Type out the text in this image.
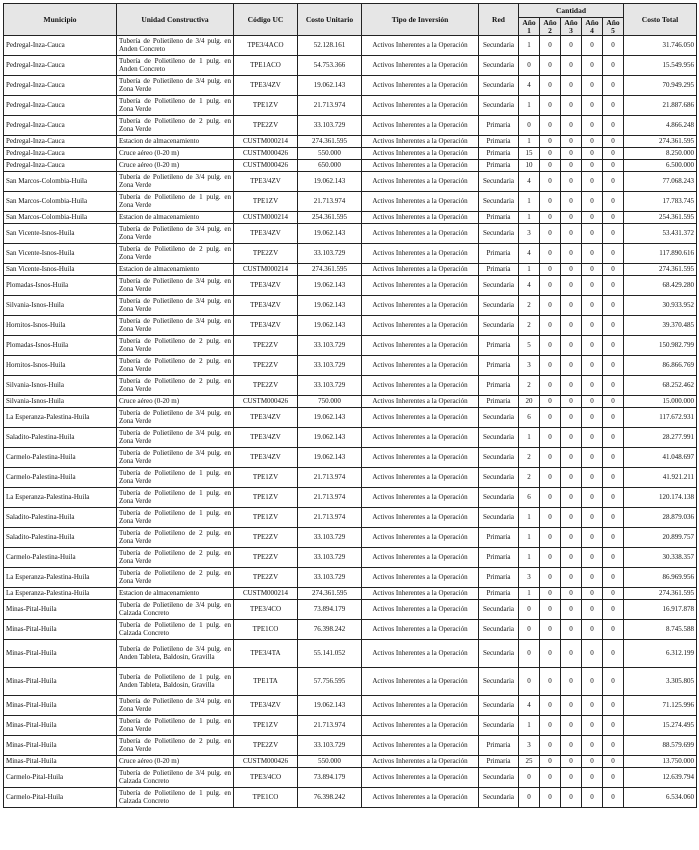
Municipio	Unidad Constructiva	Código UC	Costo Unitario	Tipo de Inversión	Red	Cantidad					Costo Total
						Año 1	Año 2	Año 3	Año 4	Año 5	
Pedregal-Inza-Cauca	Tubería de Polietileno de 3/4 pulg. en Anden Concreto	TPE3/4ACO	52.128.161	Activos Inherentes a la Operación	Secundaria	1	0	0	0	0	31.746.050
Pedregal-Inza-Cauca	Tubería de Polietileno de 1 pulg. en Anden Concreto	TPE1ACO	54.753.366	Activos Inherentes a la Operación	Secundaria	0	0	0	0	0	15.549.956
Pedregal-Inza-Cauca	Tubería de Polietileno de 3/4 pulg. en Zona Verde	TPE3/4ZV	19.062.143	Activos Inherentes a la Operación	Secundaria	4	0	0	0	0	70.949.295
Pedregal-Inza-Cauca	Tubería de Polietileno de 1 pulg. en Zona Verde	TPE1ZV	21.713.974	Activos Inherentes a la Operación	Secundaria	1	0	0	0	0	21.887.686
Pedregal-Inza-Cauca	Tubería de Polietileno de 2 pulg. en Zona Verde	TPE2ZV	33.103.729	Activos Inherentes a la Operación	Primaria	0	0	0	0	0	4.866.248
Pedregal-Inza-Cauca	Estacion de almacenamiento	CUSTM000214	274.361.595	Activos Inherentes a la Operación	Primaria	1	0	0	0	0	274.361.595
Pedregal-Inza-Cauca	Cruce aéreo (0-20 m)	CUSTM000426	550.000	Activos Inherentes a la Operación	Primaria	15	0	0	0	0	8.250.000
Pedregal-Inza-Cauca	Cruce aéreo (0-20 m)	CUSTM000426	650.000	Activos Inherentes a la Operación	Primaria	10	0	0	0	0	6.500.000
San Marcos-Colombia-Huila	Tubería de Polietileno de 3/4 pulg. en Zona Verde	TPE3/4ZV	19.062.143	Activos Inherentes a la Operación	Secundaria	4	0	0	0	0	77.068.243
San Marcos-Colombia-Huila	Tubería de Polietileno de 1 pulg. en Zona Verde	TPE1ZV	21.713.974	Activos Inherentes a la Operación	Secundaria	1	0	0	0	0	17.783.745
San Marcos-Colombia-Huila	Estacion de almacenamiento	CUSTM000214	254.361.595	Activos Inherentes a la Operación	Primaria	1	0	0	0	0	254.361.595
San Vicente-Isnos-Huila	Tubería de Polietileno de 3/4 pulg. en Zona Verde	TPE3/4ZV	19.062.143	Activos Inherentes a la Operación	Secundaria	3	0	0	0	0	53.431.372
San Vicente-Isnos-Huila	Tubería de Polietileno de 2 pulg. en Zona Verde	TPE2ZV	33.103.729	Activos Inherentes a la Operación	Primaria	4	0	0	0	0	117.890.616
San Vicente-Isnos-Huila	Estacion de almacenamiento	CUSTM000214	274.361.595	Activos Inherentes a la Operación	Primaria	1	0	0	0	0	274.361.595
Plomadas-Isnos-Huila	Tubería de Polietileno de 3/4 pulg. en Zona Verde	TPE3/4ZV	19.062.143	Activos Inherentes a la Operación	Secundaria	4	0	0	0	0	68.429.280
Silvania-Isnos-Huila	Tubería de Polietileno de 3/4 pulg. en Zona Verde	TPE3/4ZV	19.062.143	Activos Inherentes a la Operación	Secundaria	2	0	0	0	0	30.933.952
Hornitos-Isnos-Huila	Tubería de Polietileno de 3/4 pulg. en Zona Verde	TPE3/4ZV	19.062.143	Activos Inherentes a la Operación	Secundaria	2	0	0	0	0	39.370.485
Plomadas-Isnos-Huila	Tubería de Polietileno de 2 pulg. en Zona Verde	TPE2ZV	33.103.729	Activos Inherentes a la Operación	Primaria	5	0	0	0	0	150.982.799
Hornitos-Isnos-Huila	Tubería de Polietileno de 2 pulg. en Zona Verde	TPE2ZV	33.103.729	Activos Inherentes a la Operación	Primaria	3	0	0	0	0	86.866.769
Silvania-Isnos-Huila	Tubería de Polietileno de 2 pulg. en Zona Verde	TPE2ZV	33.103.729	Activos Inherentes a la Operación	Primaria	2	0	0	0	0	68.252.462
Silvania-Isnos-Huila	Cruce aéreo (0-20 m)	CUSTM000426	750.000	Activos Inherentes a la Operación	Primaria	20	0	0	0	0	15.000.000
La Esperanza-Palestina-Huila	Tubería de Polietileno de 3/4 pulg. en Zona Verde	TPE3/4ZV	19.062.143	Activos Inherentes a la Operación	Secundaria	6	0	0	0	0	117.672.931
Saladito-Palestina-Huila	Tubería de Polietileno de 3/4 pulg. en Zona Verde	TPE3/4ZV	19.062.143	Activos Inherentes a la Operación	Secundaria	1	0	0	0	0	28.277.991
Carmelo-Palestina-Huila	Tubería de Polietileno de 3/4 pulg. en Zona Verde	TPE3/4ZV	19.062.143	Activos Inherentes a la Operación	Secundaria	2	0	0	0	0	41.048.697
Carmelo-Palestina-Huila	Tubería de Polietileno de 1 pulg. en Zona Verde	TPE1ZV	21.713.974	Activos Inherentes a la Operación	Secundaria	2	0	0	0	0	41.921.211
La Esperanza-Palestina-Huila	Tubería de Polietileno de 1 pulg. en Zona Verde	TPE1ZV	21.713.974	Activos Inherentes a la Operación	Secundaria	6	0	0	0	0	120.174.138
Saladito-Palestina-Huila	Tubería de Polietileno de 1 pulg. en Zona Verde	TPE1ZV	21.713.974	Activos Inherentes a la Operación	Secundaria	1	0	0	0	0	28.879.036
Saladito-Palestina-Huila	Tubería de Polietileno de 2 pulg. en Zona Verde	TPE2ZV	33.103.729	Activos Inherentes a la Operación	Primaria	1	0	0	0	0	20.899.757
Carmelo-Palestina-Huila	Tubería de Polietileno de 2 pulg. en Zona Verde	TPE2ZV	33.103.729	Activos Inherentes a la Operación	Primaria	1	0	0	0	0	30.338.357
La Esperanza-Palestina-Huila	Tubería de Polietileno de 2 pulg. en Zona Verde	TPE2ZV	33.103.729	Activos Inherentes a la Operación	Primaria	3	0	0	0	0	86.969.956
La Esperanza-Palestina-Huila	Estacion de almacenamiento	CUSTM000214	274.361.595	Activos Inherentes a la Operación	Primaria	1	0	0	0	0	274.361.595
Minas-Pital-Huila	Tubería de Polietileno de 3/4 pulg. en Calzada Concreto	TPE3/4CO	73.894.179	Activos Inherentes a la Operación	Secundaria	0	0	0	0	0	16.917.878
Minas-Pital-Huila	Tubería de Polietileno de 1 pulg. en Calzada Concreto	TPE1CO	76.398.242	Activos Inherentes a la Operación	Secundaria	0	0	0	0	0	8.745.588
Minas-Pital-Huila	Tubería de Polietileno de 3/4 pulg. en Anden Tableta, Baldosin, Gravilla	TPE3/4TA	55.141.052	Activos Inherentes a la Operación	Secundaria	0	0	0	0	0	6.312.199
Minas-Pital-Huila	Tubería de Polietileno de 1 pulg. en Anden Tableta, Baldosin, Gravilla	TPE1TA	57.756.595	Activos Inherentes a la Operación	Secundaria	0	0	0	0	0	3.305.805
Minas-Pital-Huila	Tubería de Polietileno de 3/4 pulg. en Zona Verde	TPE3/4ZV	19.062.143	Activos Inherentes a la Operación	Secundaria	4	0	0	0	0	71.125.996
Minas-Pital-Huila	Tubería de Polietileno de 1 pulg. en Zona Verde	TPE1ZV	21.713.974	Activos Inherentes a la Operación	Secundaria	1	0	0	0	0	15.274.495
Minas-Pital-Huila	Tubería de Polietileno de 2 pulg. en Zona Verde	TPE2ZV	33.103.729	Activos Inherentes a la Operación	Primaria	3	0	0	0	0	88.579.699
Minas-Pital-Huila	Cruce aéreo (0-20 m)	CUSTM000426	550.000	Activos Inherentes a la Operación	Primaria	25	0	0	0	0	13.750.000
Carmelo-Pital-Huila	Tubería de Polietileno de 3/4 pulg. en Calzada Concreto	TPE3/4CO	73.894.179	Activos Inherentes a la Operación	Secundaria	0	0	0	0	0	12.639.794
Carmelo-Pital-Huila	Tubería de Polietileno de 1 pulg. en Calzada Concreto	TPE1CO	76.398.242	Activos Inherentes a la Operación	Secundaria	0	0	0	0	0	6.534.060
